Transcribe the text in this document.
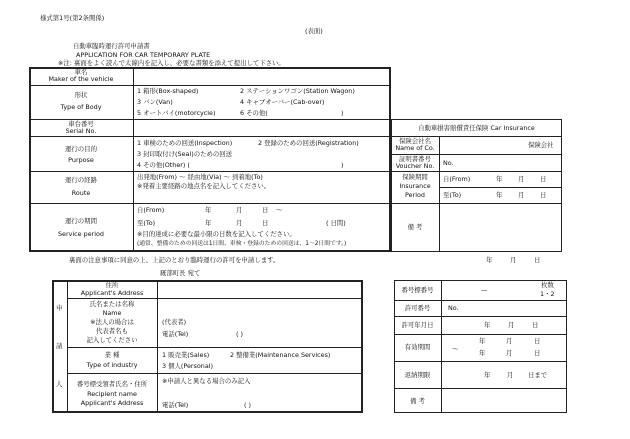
様式第1号(第2条関係)
(表面)
自動車臨時運行許可申請書
APPLICATION FOR CAR TEMPORARY PLATE
※注: 裏面をよく読んで太線内を記入し、必要な書類を添えて提出して下さい。
車名
Maker of the vehicle
形状
Type of Body
1 箱形(Box-shaped)	2 ステーションワゴン(Station Wagon)
3 バン(Van)	4 キャブオーバー(Cab-over)
5 オートバイ(motorcycle)	6 その他(	)
車台番号
Serial No.
運行の目的
Purpose
1 車検のための回送(Inspection)	2 登録のための回送(Registration)
3 封印取付け(Seal)のための回送
4 その他(Other) (	)
運行の経路
Route
出発地(From) 〜 経由地(Via) 〜 到着地(To)
※発着主要経路の地点名を記入してください。
運行の期間
Service period
自(From)	年	月	日 〜
至(To)	年	月	日	( 日間)
※目的達成に必要な最小限の日数を記入してください。
(通常、整備のための回送は1日間、車検・登録のための回送は、1〜2日間です。)
自動車損害賠償責任保険 Car Insurance
保険会社名
Name of Co.	保険会社
証明書番号
Voucher No.	No.
保険期間
Insurance
Period
自(From)	年 月 日
至(To)	年 月 日
備 考
裏面の注意事項に同意の上、上記のとおり臨時運行の許可を申請します。	年	月	日
厩部町長 宛て
申
請
人
住所
Applicant's Address
氏名または名称
Name
※法人の場合は
代表者名も
記入してください
(代表者)
電話(Tel)	( )
業 種
Type of industry
1 販売業(Sales)	2 整備業(Maintenance Services)
3 個人(Personal)
番号標受領者氏名・住所
Recipient name
Applicant's Address
※申請人と異なる場合のみ記入
電話(Tel)	( )
番号標番号	—
枚数
1・2
許可番号	No.
許可年月日	年	月	日
有効期間
年	月	日
〜	年	月	日
返納期限	年	月 日まで
備 考
